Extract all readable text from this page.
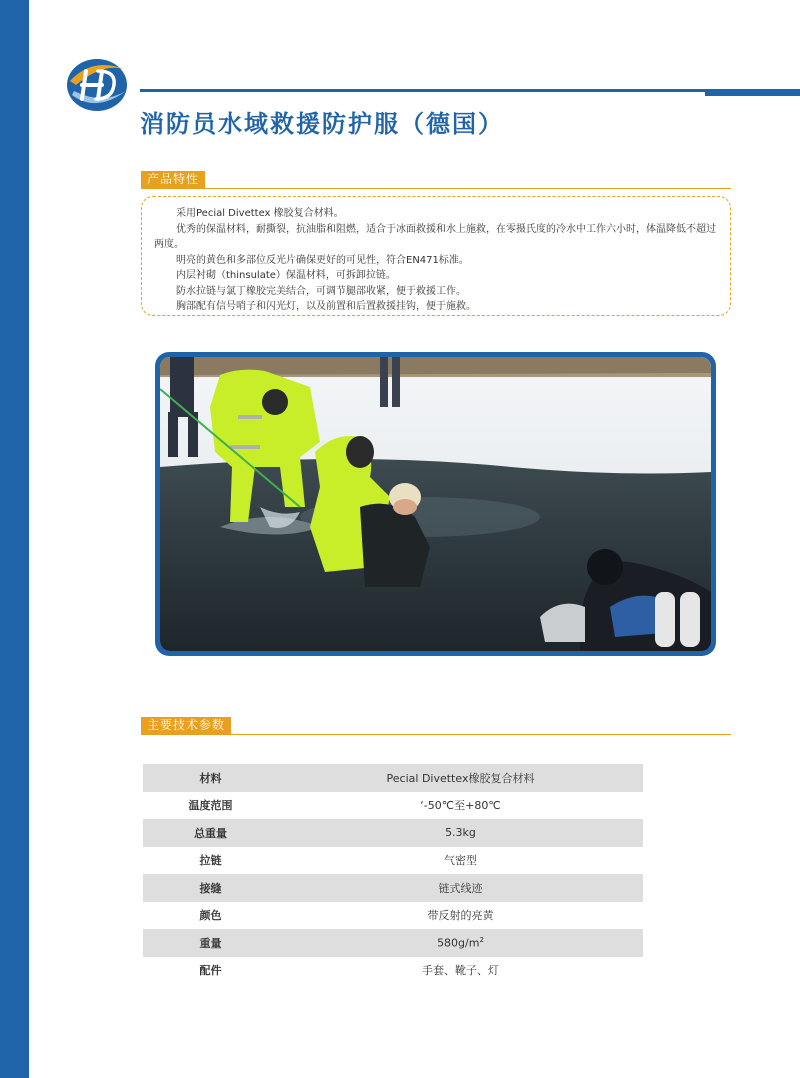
消防员水域救援防护服（德国）
产品特性

采用Pecial Divettex 橡胶复合材料。

优秀的保温材料，耐撕裂，抗油脂和阻燃，适合于冰面救援和水上施救，在零摄氏度的冷水中工作六小时，体温降低不超过两度。

明亮的黄色和多部位反光片确保更好的可见性，符合EN471标准。

内层衬砌（thinsulate）保温材料，可拆卸拉链。

防水拉链与氯丁橡胶完美结合，可调节腿部收紧，便于救援工作。

胸部配有信号哨子和闪光灯，以及前置和后置救援挂钩，便于施救。

主要技术参数
材料	Pecial Divettex橡胶复合材料
温度范围	‘-50℃至+80℃
总重量	5.3kg
拉链	气密型
接缝	链式线迹
颜色	带反射的亮黄
重量	$580g/m^2$
配件	手套、靴子、灯
